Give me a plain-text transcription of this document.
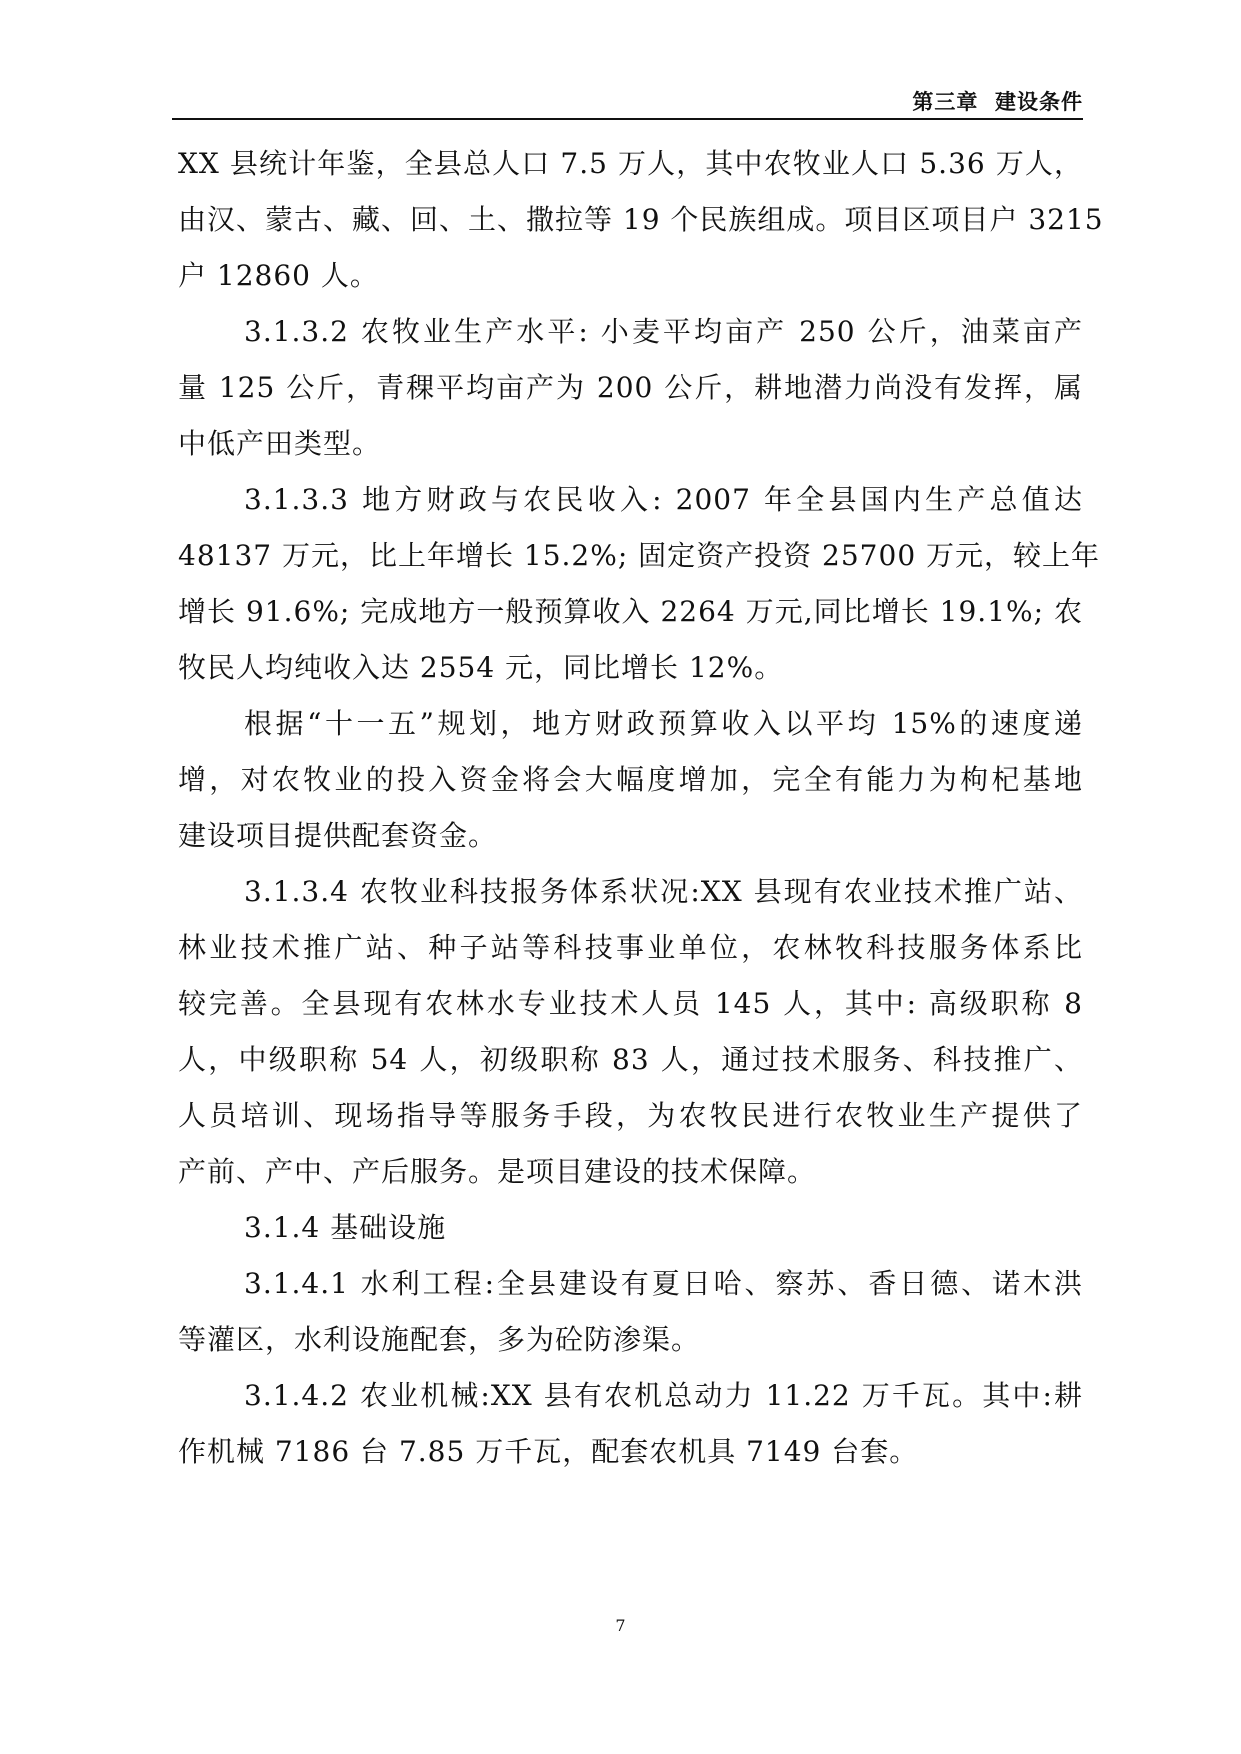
第三章  建设条件
XX 县统计年鉴，全县总人口 7.5 万人，其中农牧业人口 5.36 万人，
由汉、蒙古、藏、回、土、撒拉等 19 个民族组成。项目区项目户 3215
户 12860 人。
3.1.3.2 农牧业生产水平: 小麦平均亩产 250 公斤，油菜亩产
量 125 公斤，青稞平均亩产为 200 公斤，耕地潜力尚没有发挥，属
中低产田类型。
3.1.3.3 地方财政与农民收入: 2007 年全县国内生产总值达
48137 万元，比上年增长 15.2%; 固定资产投资 25700 万元，较上年
增长 91.6%; 完成地方一般预算收入 2264 万元,同比增长 19.1%; 农
牧民人均纯收入达 2554 元，同比增长 12%。
根据“十一五”规划，地方财政预算收入以平均 15%的速度递
增，对农牧业的投入资金将会大幅度增加，完全有能力为枸杞基地
建设项目提供配套资金。
3.1.3.4 农牧业科技报务体系状况:XX 县现有农业技术推广站、
林业技术推广站、种子站等科技事业单位，农林牧科技服务体系比
较完善。全县现有农林水专业技术人员 145 人，其中: 高级职称 8
人，中级职称 54 人，初级职称 83 人，通过技术服务、科技推广、
人员培训、现场指导等服务手段，为农牧民进行农牧业生产提供了
产前、产中、产后服务。是项目建设的技术保障。
3.1.4 基础设施
3.1.4.1 水利工程:全县建设有夏日哈、察苏、香日德、诺木洪
等灌区，水利设施配套，多为砼防渗渠。
3.1.4.2 农业机械:XX 县有农机总动力 11.22 万千瓦。其中:耕
作机械 7186 台 7.85 万千瓦，配套农机具 7149 台套。
7
